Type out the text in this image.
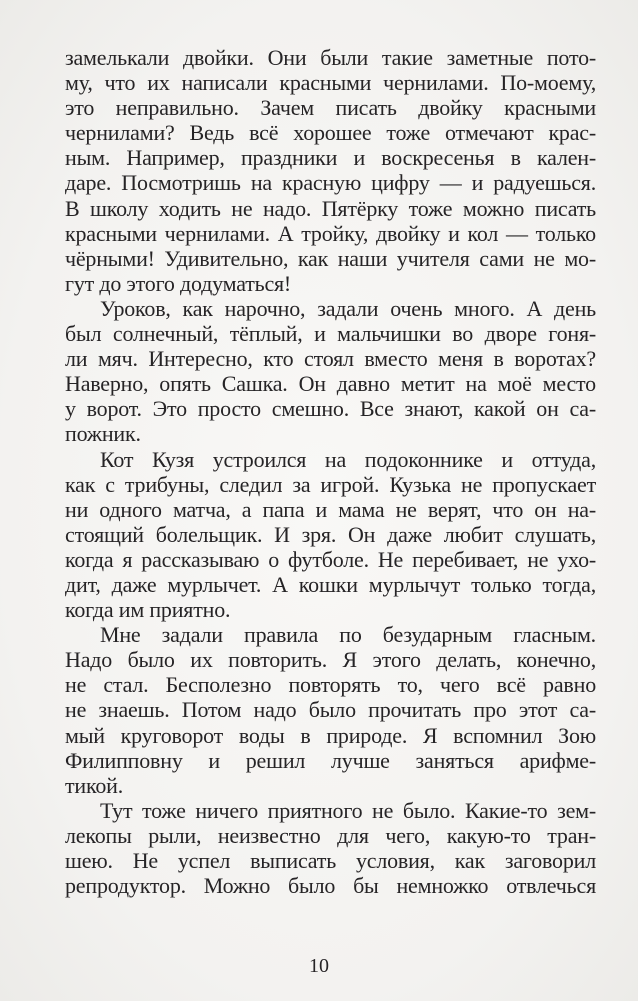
замелькали двойки. Они были такие заметные пото-
му, что их написали красными чернилами. По-моему,
это неправильно. Зачем писать двойку красными
чернилами? Ведь всё хорошее тоже отмечают крас-
ным. Например, праздники и воскресенья в кален-
даре. Посмотришь на красную цифру — и радуешься.
В школу ходить не надо. Пятёрку тоже можно писать
красными чернилами. А тройку, двойку и кол — только
чёрными! Удивительно, как наши учителя сами не мо-
гут до этого додуматься!
Уроков, как нарочно, задали очень много. А день
был солнечный, тёплый, и мальчишки во дворе гоня-
ли мяч. Интересно, кто стоял вместо меня в воротах?
Наверно, опять Сашка. Он давно метит на моё место
у ворот. Это просто смешно. Все знают, какой он са-
пожник.
Кот Кузя устроился на подоконнике и оттуда,
как с трибуны, следил за игрой. Кузька не пропускает
ни одного матча, а папа и мама не верят, что он на-
стоящий болельщик. И зря. Он даже любит слушать,
когда я рассказываю о футболе. Не перебивает, не ухо-
дит, даже мурлычет. А кошки мурлычут только тогда,
когда им приятно.
Мне задали правила по безударным гласным.
Надо было их повторить. Я этого делать, конечно,
не стал. Бесполезно повторять то, чего всё равно
не знаешь. Потом надо было прочитать про этот са-
мый круговорот воды в природе. Я вспомнил Зою
Филипповну и решил лучше заняться арифме-
тикой.
Тут тоже ничего приятного не было. Какие-то зем-
лекопы рыли, неизвестно для чего, какую-то тран-
шею. Не успел выписать условия, как заговорил
репродуктор. Можно было бы немножко отвлечься
10
